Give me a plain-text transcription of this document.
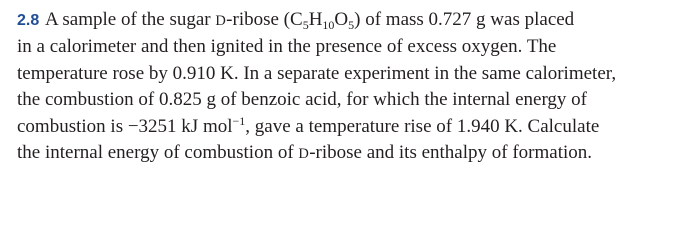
2.8 A sample of the sugar D-ribose $(C_5H_{10}O_5)$ of mass 0.727 g was placed
in a calorimeter and then ignited in the presence of excess oxygen. The
temperature rose by 0.910 K. In a separate experiment in the same calorimeter,
the combustion of 0.825 g of benzoic acid, for which the internal energy of
combustion is −3251 kJ mol$^{-1}$, gave a temperature rise of 1.940 K. Calculate
the internal energy of combustion of D-ribose and its enthalpy of formation.
